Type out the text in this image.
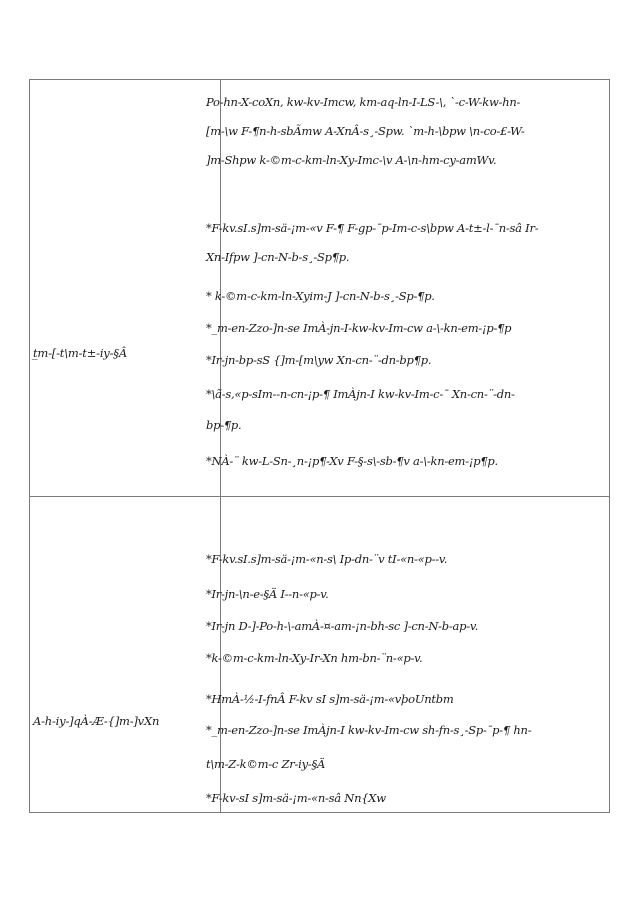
t̲m-[-t\m-t±-iy-§Â
Po-hn-X-coXn, kw-kv-Imcw, km-aq-ln-I-LS-\, `-c-W-kw-hn-
[m-\w F-¶n-h-sbÃmw A-XnÂ-s¸-Spw. `m-h-\bpw \n-co-£-W-
]m-Shpw k-©m-c-km-ln-Xy-Imc-\v A-\n-hm-cy-amWv.
*F-kv.sI.s]m-sä-¡m-«v F-¶ F-gp-¯p-Im-c-s\bpw A-t±-l-¯n-sâ Ir-
Xn-Ifpw ]-cn-N-b-s¸-Sp¶p.
* k-©m-c-km-ln-Xyim-J ]-cn-N-b-s¸-Sp-¶p.
*_m-en-Zzo-]n-se ImÀ-jn-I-kw-kv-Im-cw a-\-kn-em-¡p-¶p
*Ir-jn-bp-sS {]m-[m\yw Xn-cn-¨-dn-bp¶p.
*\ã-s,«p-sIm--n-cn-¡p-¶ ImÀjn-I kw-kv-Im-c-¯ Xn-cn-¨-dn-
bp-¶p.
*NÀ-¨ kw-L-Sn-¸n-¡p¶-Xv F-§-s\-sb-¶v a-\-kn-em-¡p¶p.
A-h-iy-]qÀ-Æ-{]m-]vXn
*F-kv.sI.s]m-sä-¡m-«n-s\ Ip-dn-¨v tI-«n-«p--v.
*Ir-jn-\n-e-§Ä I--n-«p-v.
*Ir-jn D-]-Po-h-\-amÀ-¤-am-¡n-bh-sc ]-cn-N-b-ap-v.
*k-©m-c-km-ln-Xy-Ir-Xn hm-bn-¨n-«p-v.
*HmÀ-½-I-fnÂ F-kv sI s]m-sä-¡m-«vþoUntbm
*_m-en-Zzo-]n-se ImÀjn-I kw-kv-Im-cw sh-fn-s¸-Sp-¯p-¶ hn-
t\m-Z-k©m-c Zr-iy-§Ä
*F-kv-sI s]m-sä-¡m-«n-sâ Nn{Xw
